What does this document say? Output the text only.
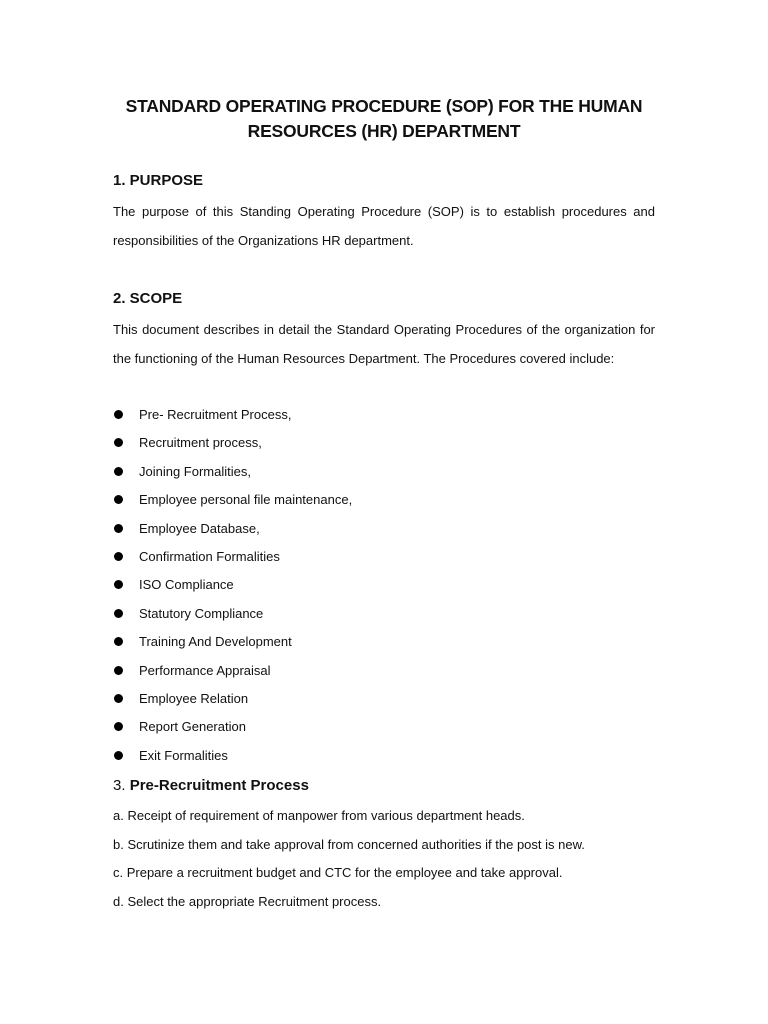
STANDARD OPERATING PROCEDURE (SOP) FOR THE HUMAN RESOURCES (HR) DEPARTMENT
1. PURPOSE
The purpose of this Standing Operating Procedure (SOP) is to establish procedures and responsibilities of the Organizations HR department.
2. SCOPE
This document describes in detail the Standard Operating Procedures of the organization for the functioning of the Human Resources Department. The Procedures covered include:
Pre- Recruitment Process,
Recruitment process,
Joining Formalities,
Employee personal file maintenance,
Employee Database,
Confirmation Formalities
ISO Compliance
Statutory Compliance
Training And Development
Performance Appraisal
Employee Relation
Report Generation
Exit Formalities
3. Pre-Recruitment Process
a. Receipt of requirement of manpower from various department heads.
b. Scrutinize them and take approval from concerned authorities if the post is new.
c. Prepare a recruitment budget and CTC for the employee and take approval.
d. Select the appropriate Recruitment process.
